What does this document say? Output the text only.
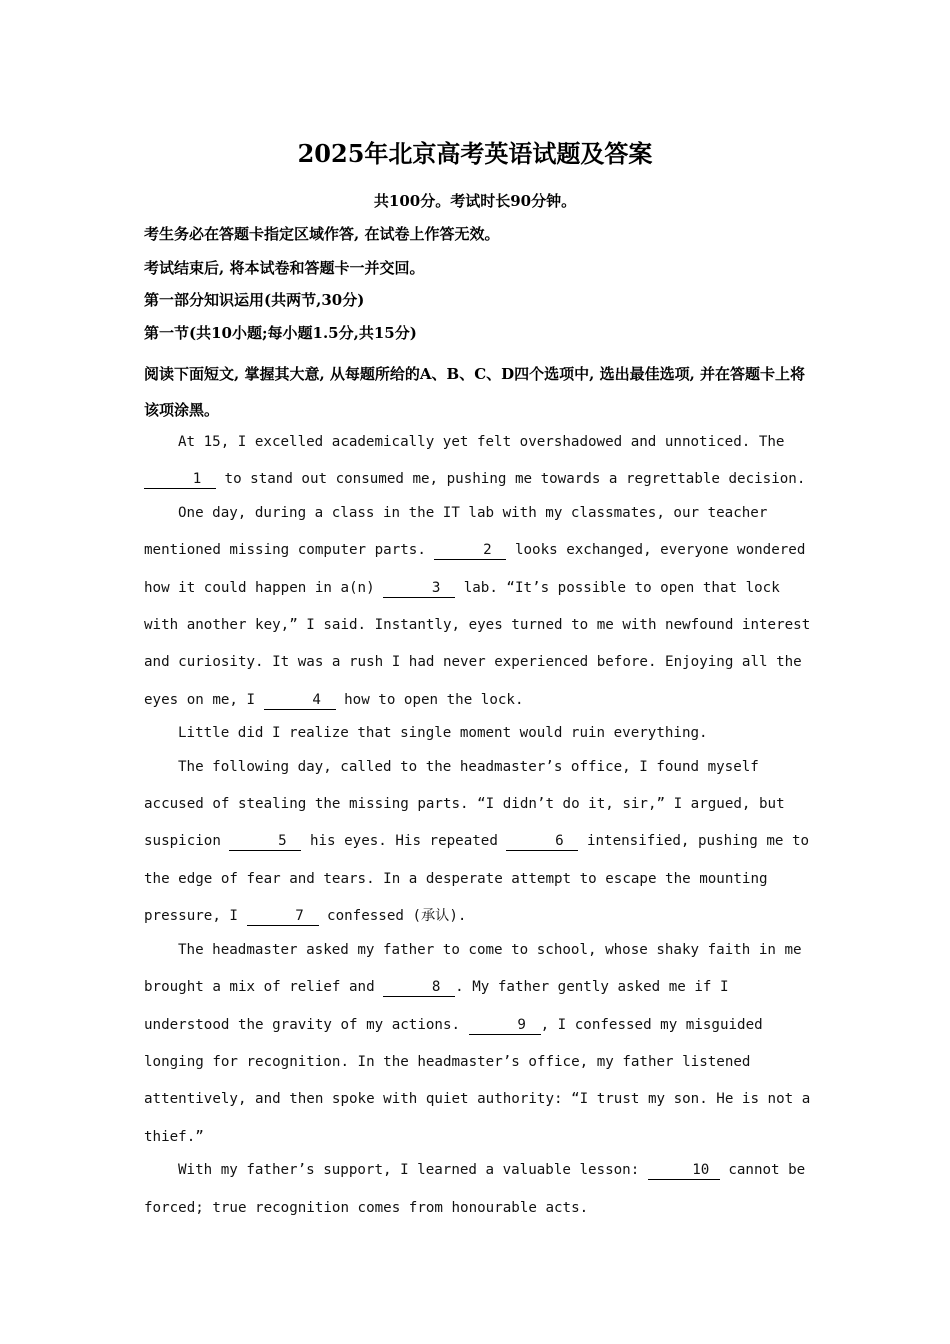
2025年北京高考英语试题及答案
共100分。考试时长90分钟。
考生务必在答题卡指定区域作答, 在试卷上作答无效。
考试结束后, 将本试卷和答题卡一并交回。
第一部分知识运用(共两节,30分)
第一节(共10小题;每小题1.5分,共15分)
阅读下面短文, 掌握其大意, 从每题所给的A、B、C、D四个选项中, 选出最佳选项, 并在答题卡上将该项涂黑。

At 15, I excelled academically yet felt overshadowed and unnoticed. The 1 to stand out consumed me, pushing me towards a regrettable decision.

One day, during a class in the IT lab with my classmates, our teacher mentioned missing computer parts.	2 looks exchanged, everyone wondered how it could happen in a(n)	3 lab. “It’s possible to open that lock with another key,” I said. Instantly, eyes turned to me with newfound interest and curiosity. It was a rush I had never experienced before. Enjoying all the eyes on me, I	4 how to open the lock.

Little did I realize that single moment would ruin everything.

The following day, called to the headmaster’s office, I found myself accused of stealing the missing parts. “I didn’t do it, sir,” I argued, but suspicion	5 his eyes. His repeated	6 intensified, pushing me to the edge of fear and tears. In a desperate attempt to escape the mounting pressure, I	7 confessed (承认).

The headmaster asked my father to come to school, whose shaky faith in me brought a mix of relief and	8 . My father gently asked me if I understood the gravity of my actions.	9 , I confessed my misguided longing for recognition. In the headmaster’s office, my father listened attentively, and then spoke with quiet authority: “I trust my son. He is not a thief.”

With my father’s support, I learned a valuable lesson:	10 cannot be forced; true recognition comes from honourable acts.
